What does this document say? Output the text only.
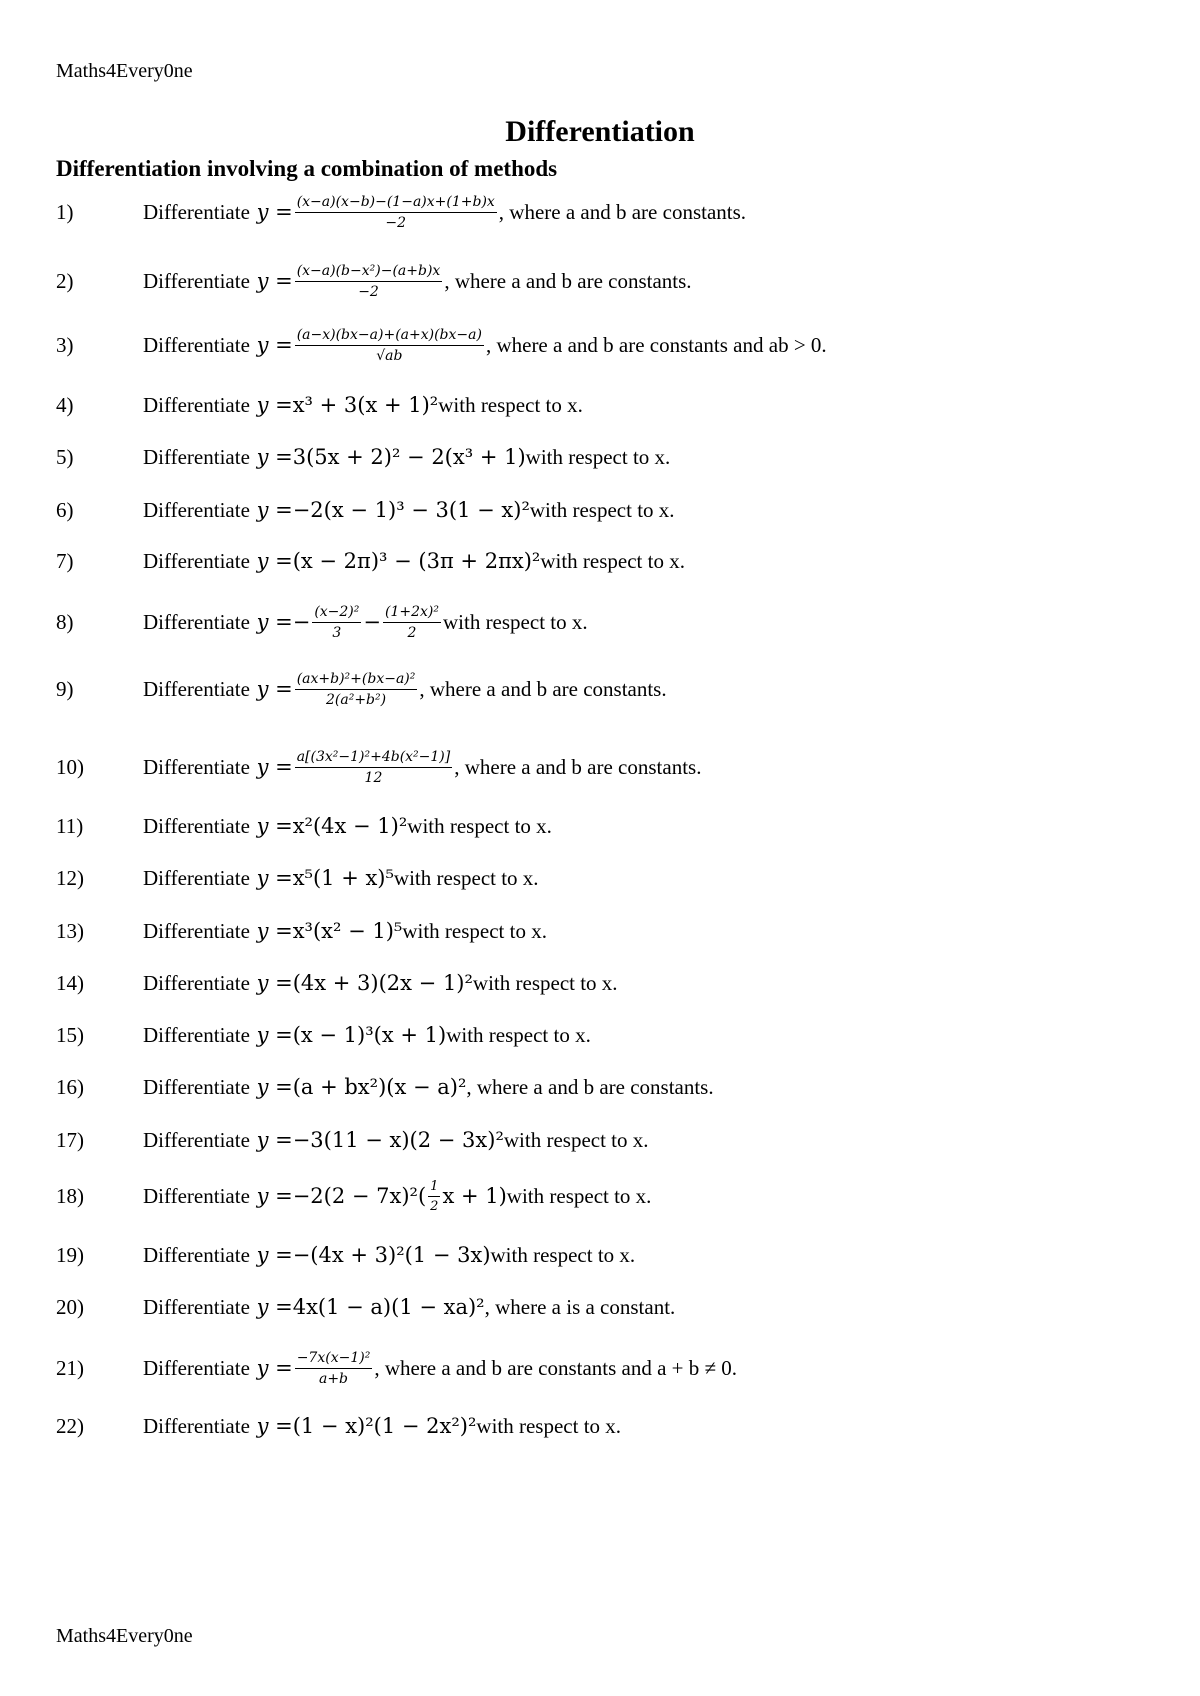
Maths4Every0ne
Differentiation
Differentiation involving a combination of methods
1)	Differentiate $y = \frac{(x-a)(x-b)-(1-a)x+(1+b)x}{-2}$ , where a and b are constants.
2)	Differentiate $y = \frac{\text{(x−a)(b−x²)−(a+b)x}}{-2}$ , where a and b are constants.
3)	Differentiate $y = \frac{(a-x)(bx-a)+(a+x)(bx-a)}{√ab}$ , where a and b are constants and ab > 0.
4)	Differentiate y = x³ + 3(x + 1)² with respect to x.
5)	Differentiate y = 3(5x + 2)² − 2(x³ + 1) with respect to x.
6)	Differentiate y = −2(x − 1)³ − 3(1 − x)² with respect to x.
7)	Differentiate y = (x − 2π)³ − (3π + 2πx)² with respect to x.
8)	Differentiate y = − $\frac{\text{(x−2)²}}{3} - \frac{\text{(1+2x)²}}{2}$ with respect to x.
9)	Differentiate $y = \frac{\text{(ax+b)²+(bx−a)²}}{\text{2(a²+b²)}}$ , where a and b are constants.
10)	Differentiate $y = \frac{\text{a[(3x²−1)²+4b(x²−1)]}}{12}$ , where a and b are constants.
11)	Differentiate y = x²(4x − 1)² with respect to x.
12)	Differentiate y = x⁵(1 + x)⁵ with respect to x.
13)	Differentiate y = x³(x² − 1)⁵ with respect to x.
14)	Differentiate y = (4x + 3)(2x − 1)² with respect to x.
15)	Differentiate y = (x − 1)³(x + 1) with respect to x.
16)	Differentiate y = (a + bx²)(x − a)² , where a and b are constants.
17)	Differentiate y = −3(11 − x)(2 − 3x)² with respect to x.
18)	Differentiate $y = -2(2 - 7x)^2( \frac{1}{2}$ x + 1) with respect to x.
19)	Differentiate y = −(4x + 3)²(1 − 3x) with respect to x.
20)	Differentiate y = 4x(1 − a)(1 − xa)² , where a is a constant.
21)	Differentiate $y = \frac{\text{−7x(x−1)²}}{a+b}$ , where a and b are constants and a + b ≠ 0.
22)	Differentiate y = (1 − x)²(1 − 2x²)² with respect to x.
Maths4Every0ne
